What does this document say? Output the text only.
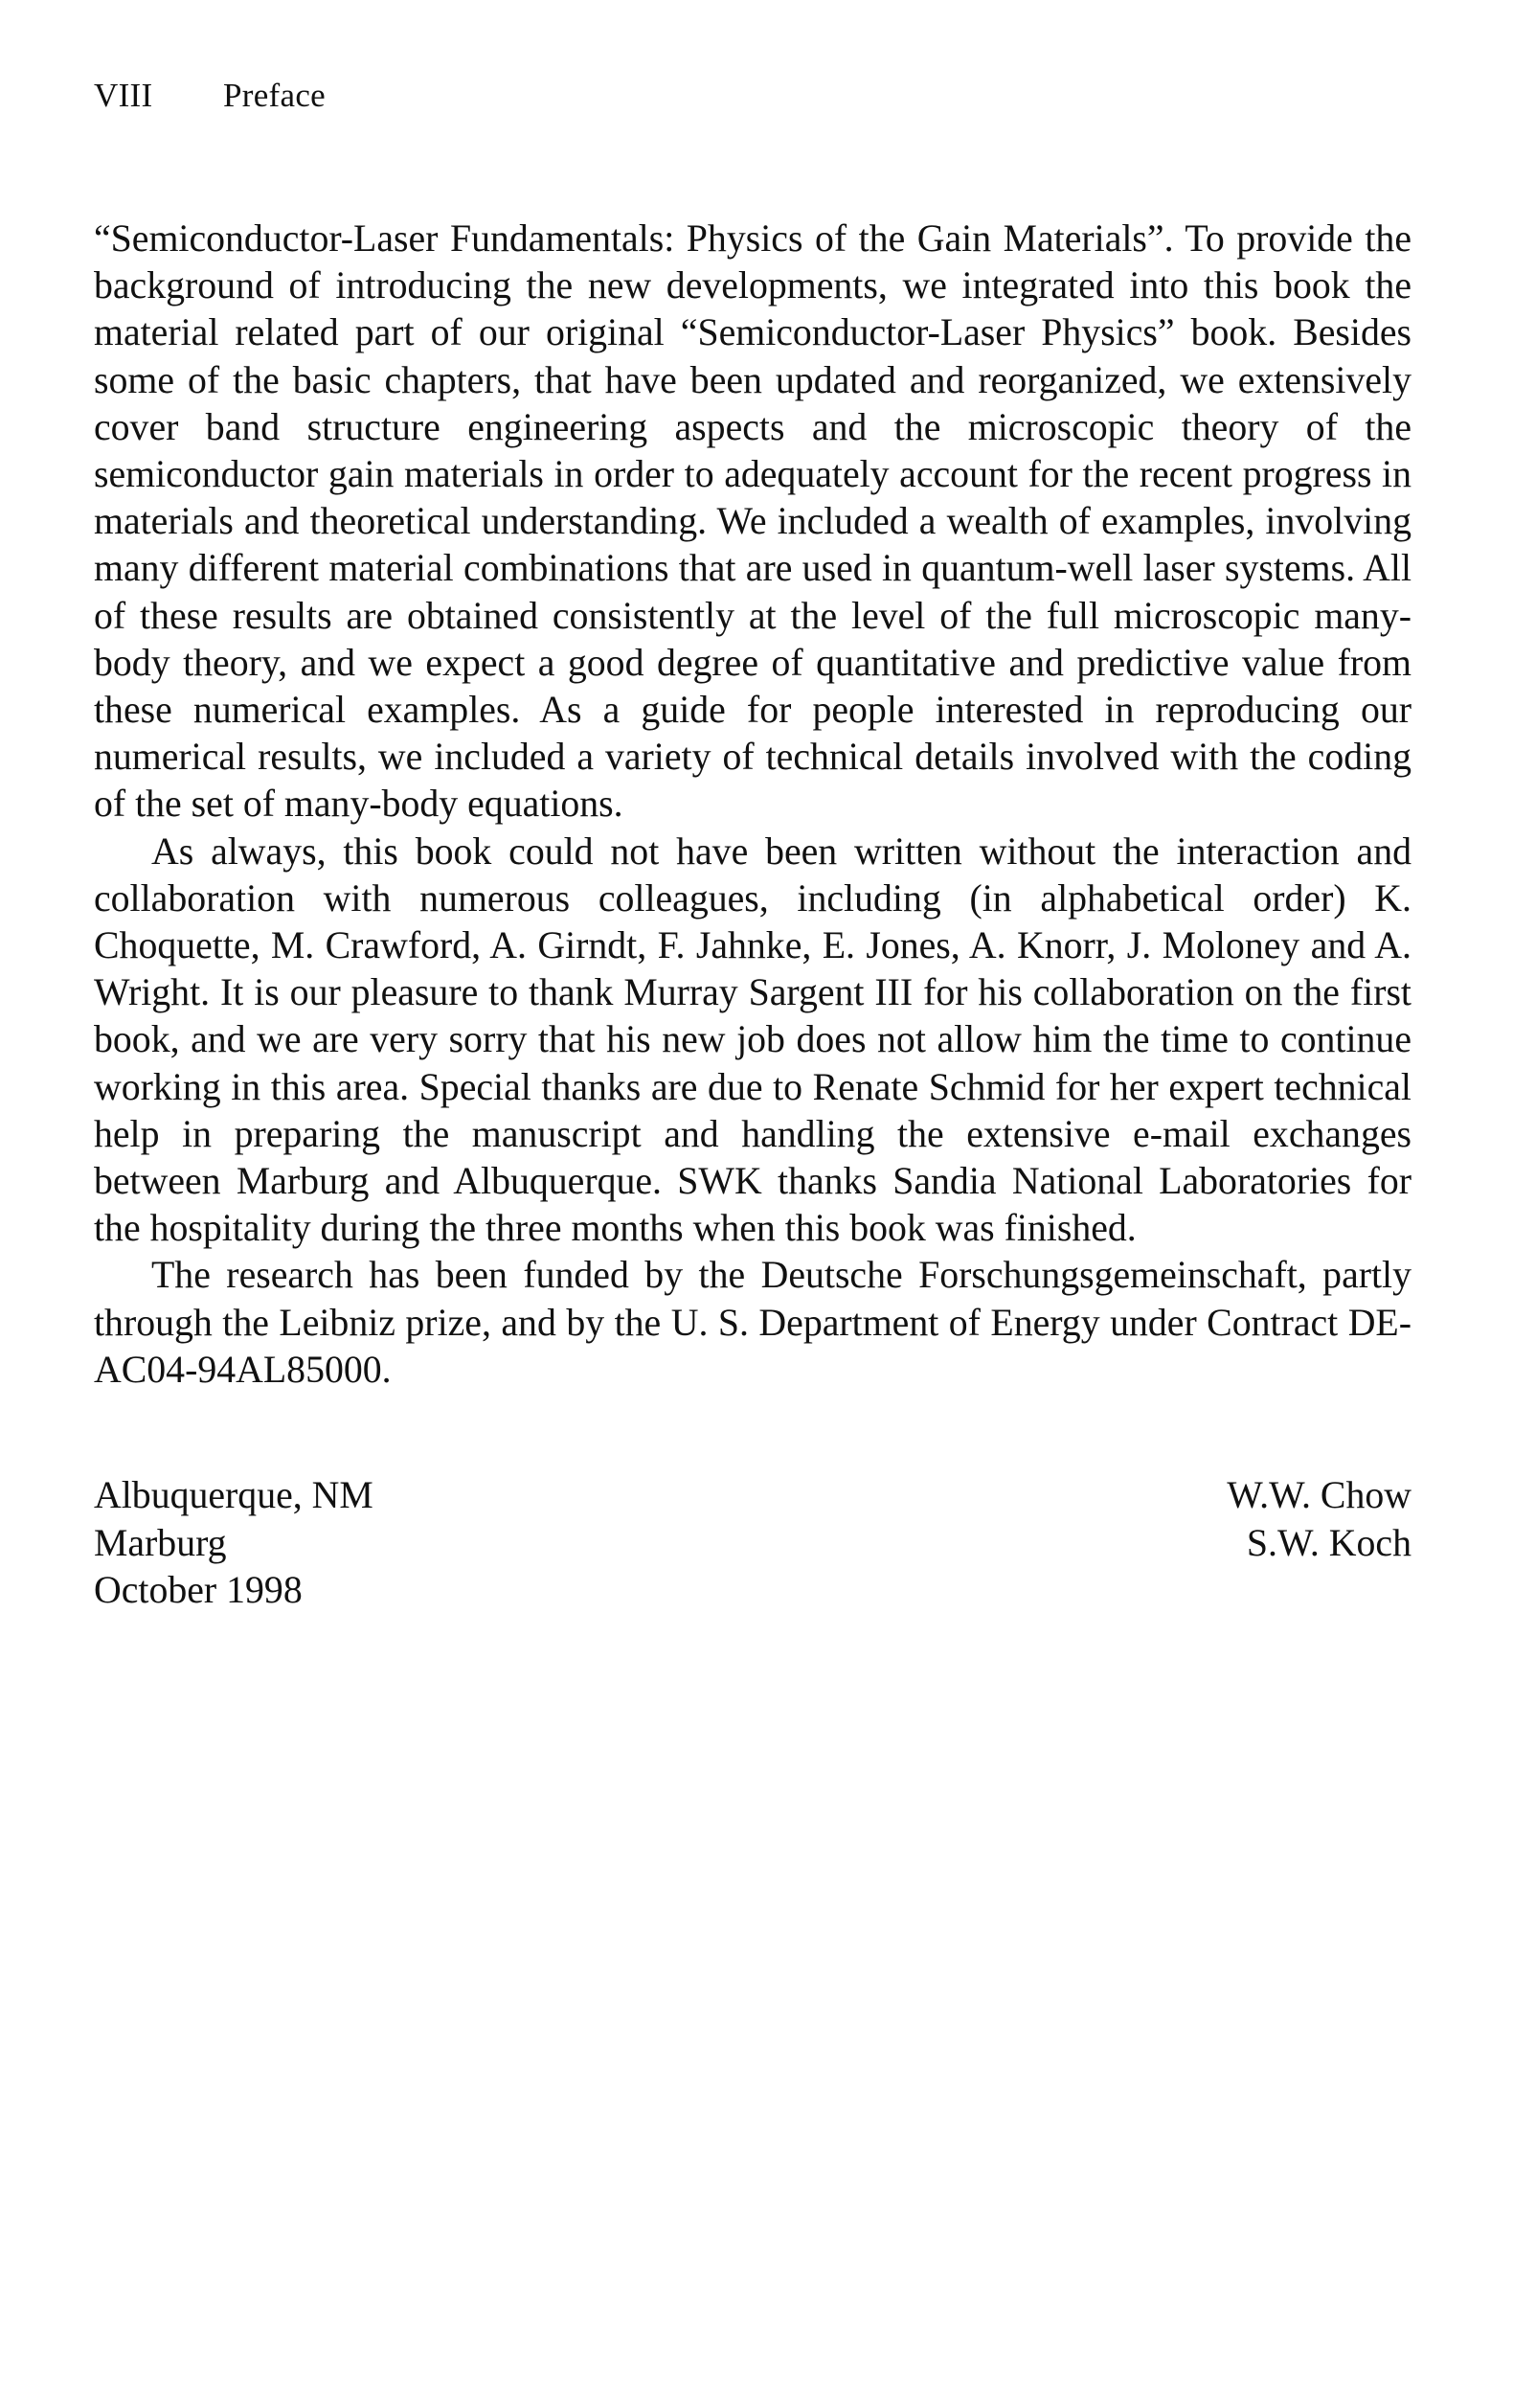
VIII Preface

“Semiconductor-Laser Fundamentals: Physics of the Gain Materials”. To provide the background of introducing the new developments, we integrated into this book the material related part of our original “Semiconductor-Laser Physics” book. Besides some of the basic chapters, that have been updated and reorganized, we extensively cover band structure engineering aspects and the microscopic theory of the semiconductor gain materials in order to adequately account for the recent progress in materials and theoretical understanding. We included a wealth of examples, involving many different material combinations that are used in quantum-well laser systems. All of these results are obtained consistently at the level of the full microscopic many-body theory, and we expect a good degree of quantitative and predictive value from these numerical examples. As a guide for people interested in reproducing our numerical results, we included a variety of technical details involved with the coding of the set of many-body equations.

As always, this book could not have been written without the interaction and collaboration with numerous colleagues, including (in alphabetical order) K. Choquette, M. Crawford, A. Girndt, F. Jahnke, E. Jones, A. Knorr, J. Moloney and A. Wright. It is our pleasure to thank Murray Sargent III for his collaboration on the first book, and we are very sorry that his new job does not allow him the time to continue working in this area. Special thanks are due to Renate Schmid for her expert technical help in preparing the manuscript and handling the extensive e-mail exchanges between Marburg and Albuquerque. SWK thanks Sandia National Laboratories for the hospitality during the three months when this book was finished.

The research has been funded by the Deutsche Forschungsgemeinschaft, partly through the Leibniz prize, and by the U. S. Department of Energy under Contract DE-AC04-94AL85000.

Albuquerque, NM
Marburg
October 1998
W.W. Chow
S.W. Koch
